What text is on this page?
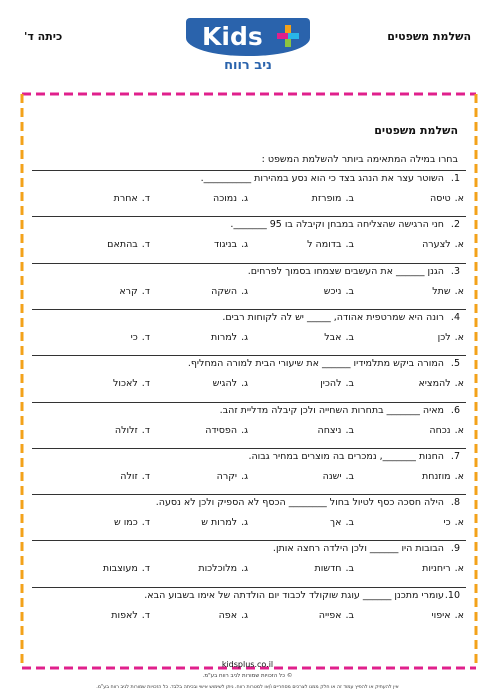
כיתה ד'	Kids
ניב רווח
השלמת משפטים
השלמת משפטים
בחרו במילה המתאימה ביותר להשלמת המשפט :
1.
השוטר עצר את הנהג בצד כי הוא נסע במהירות __________.
א.טיסה
ב.מופרזת
ג.נמוכה
ד.אחרת
2.
חני הרגישה שהצליחה במבחן וקיבלה בו 95 _______.
א.לצערה
ב.בדומה ל
ג.בניגוד
ד.בהתאם
3.
הגנן ______ את העשבים שצמחו בסמוך לפרחים.
א.שתל
ב.ניכש
ג.השקה
ד.קרא
4.
רונה היא שמרטפית אהודה, _____ יש לה לקוחות רבים.
א.לכן
ב.אבל
ג.למרות
ד.כי
5.
המורה ביקש מתלמידיו ______ את שיעורי הבית למורה המחליף.
א.להמציא
ב.להכין
ג.להגיש
ד.לאכול
6.
מאיה _______ בתחרות השחייה ולכן קיבלה מדליית זהב.
א.נכחה
ב.ניצחה
ג.הפסידה
ד.זלולה
7.
החנות _______, נמכרים בה מוצרים במחיר גבוה.
א.מוזנחת
ב.ישנה
ג.יקרה
ד.זולה
8.
הילה חסכה כסף לטיול בחול ________ הכסף לא הספיק ולכן לא נסעה.
א.כי
ב.אך
ג.למרות ש
ד.כמו ש
9.
הבובות היו ______ ולכן הילדה רחצה אותן.
א.ריחניות
ב.חדשות
ג.מלוכלכות
ד.מעוצבות
10.
עומרי מתכנן ______ עוגת שוקולד לכבוד יום הולדתה של אימו בשבוע הבא.
א.איפוי
ב.אפייה
ג.אפה
ד.לאפות
kidsplus.co.il
© כל הזכויות שמורות לניב רווח בע"מ.
אין להעתיק או להפיץ עמוד זה או חלק ממנו לצרכים מסחריים ו/או למטרות רווח. ניתן לשימוש אישי ובכיתה בלבד. כל הזכויות שמורות לניב רווח בע"מ.
